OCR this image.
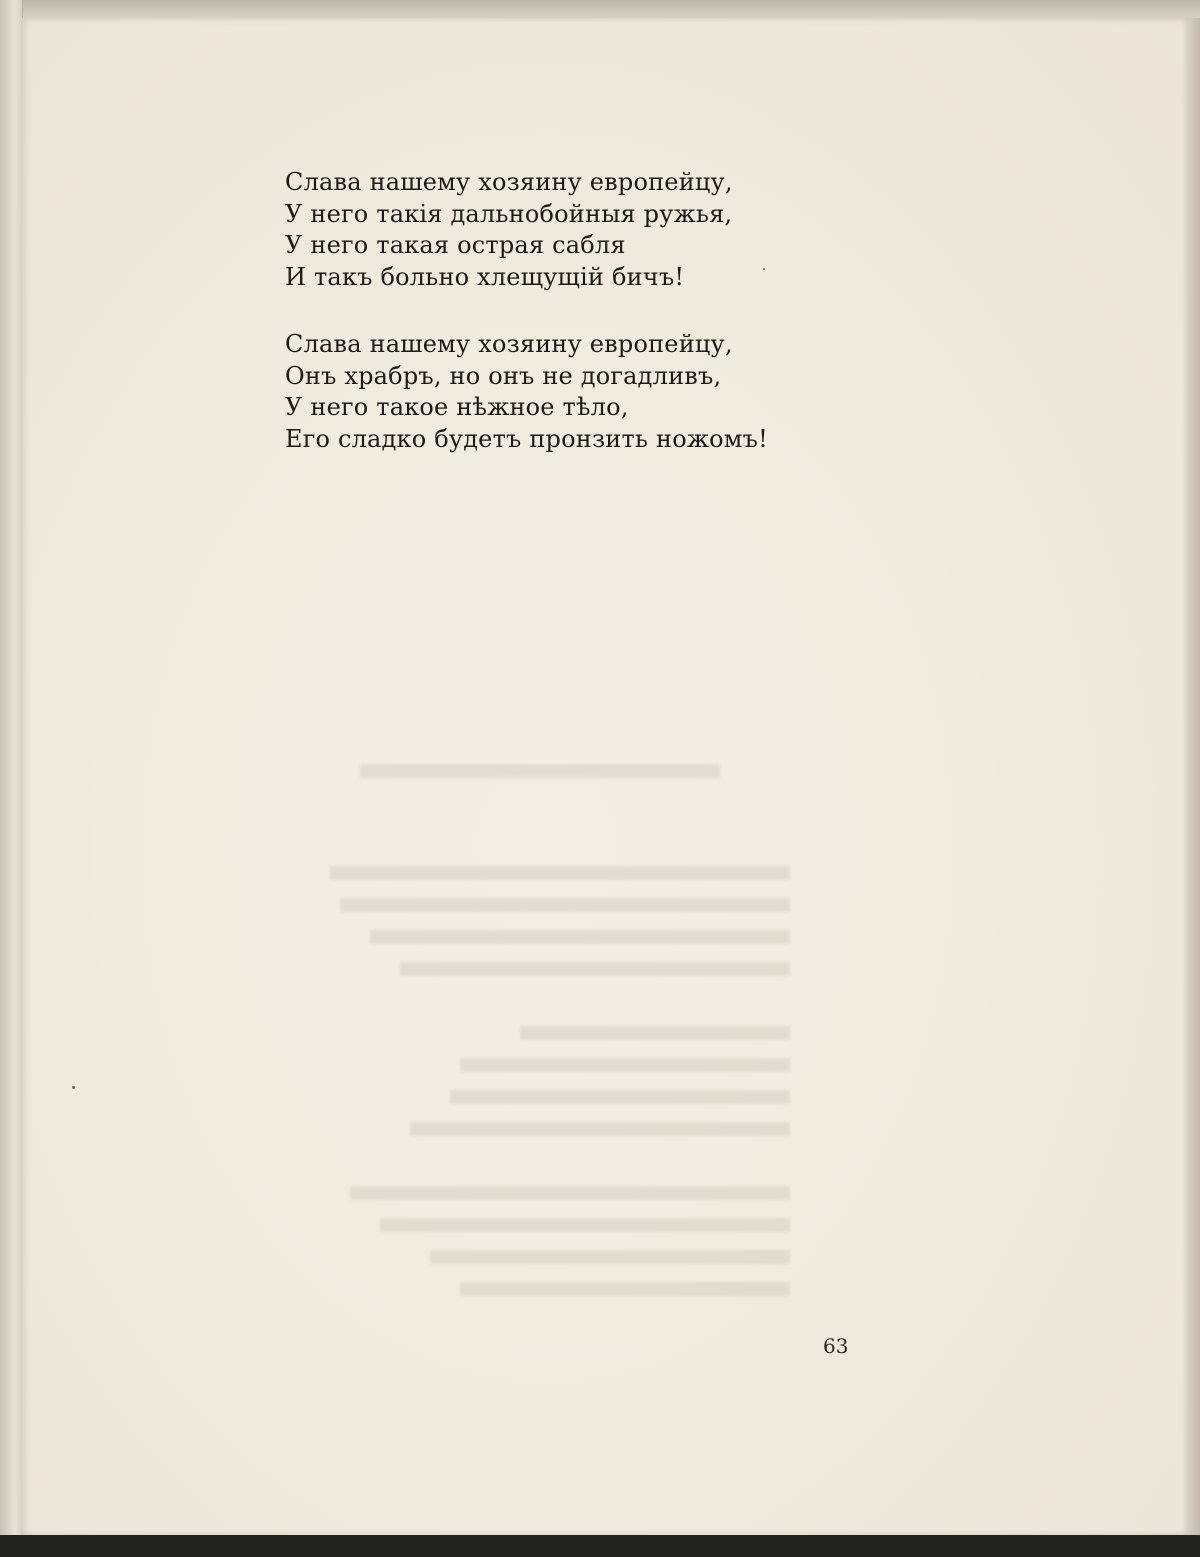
Слава нашему хозяину европейцу,
У него такія дальнобойныя ружья,
У него такая острая сабля
И такъ больно хлещущій бичъ!
Слава нашему хозяину европейцу,
Онъ храбръ, но онъ не догадливъ,
У него такое нѣжное тѣло,
Его сладко будетъ пронзить ножомъ!
63
